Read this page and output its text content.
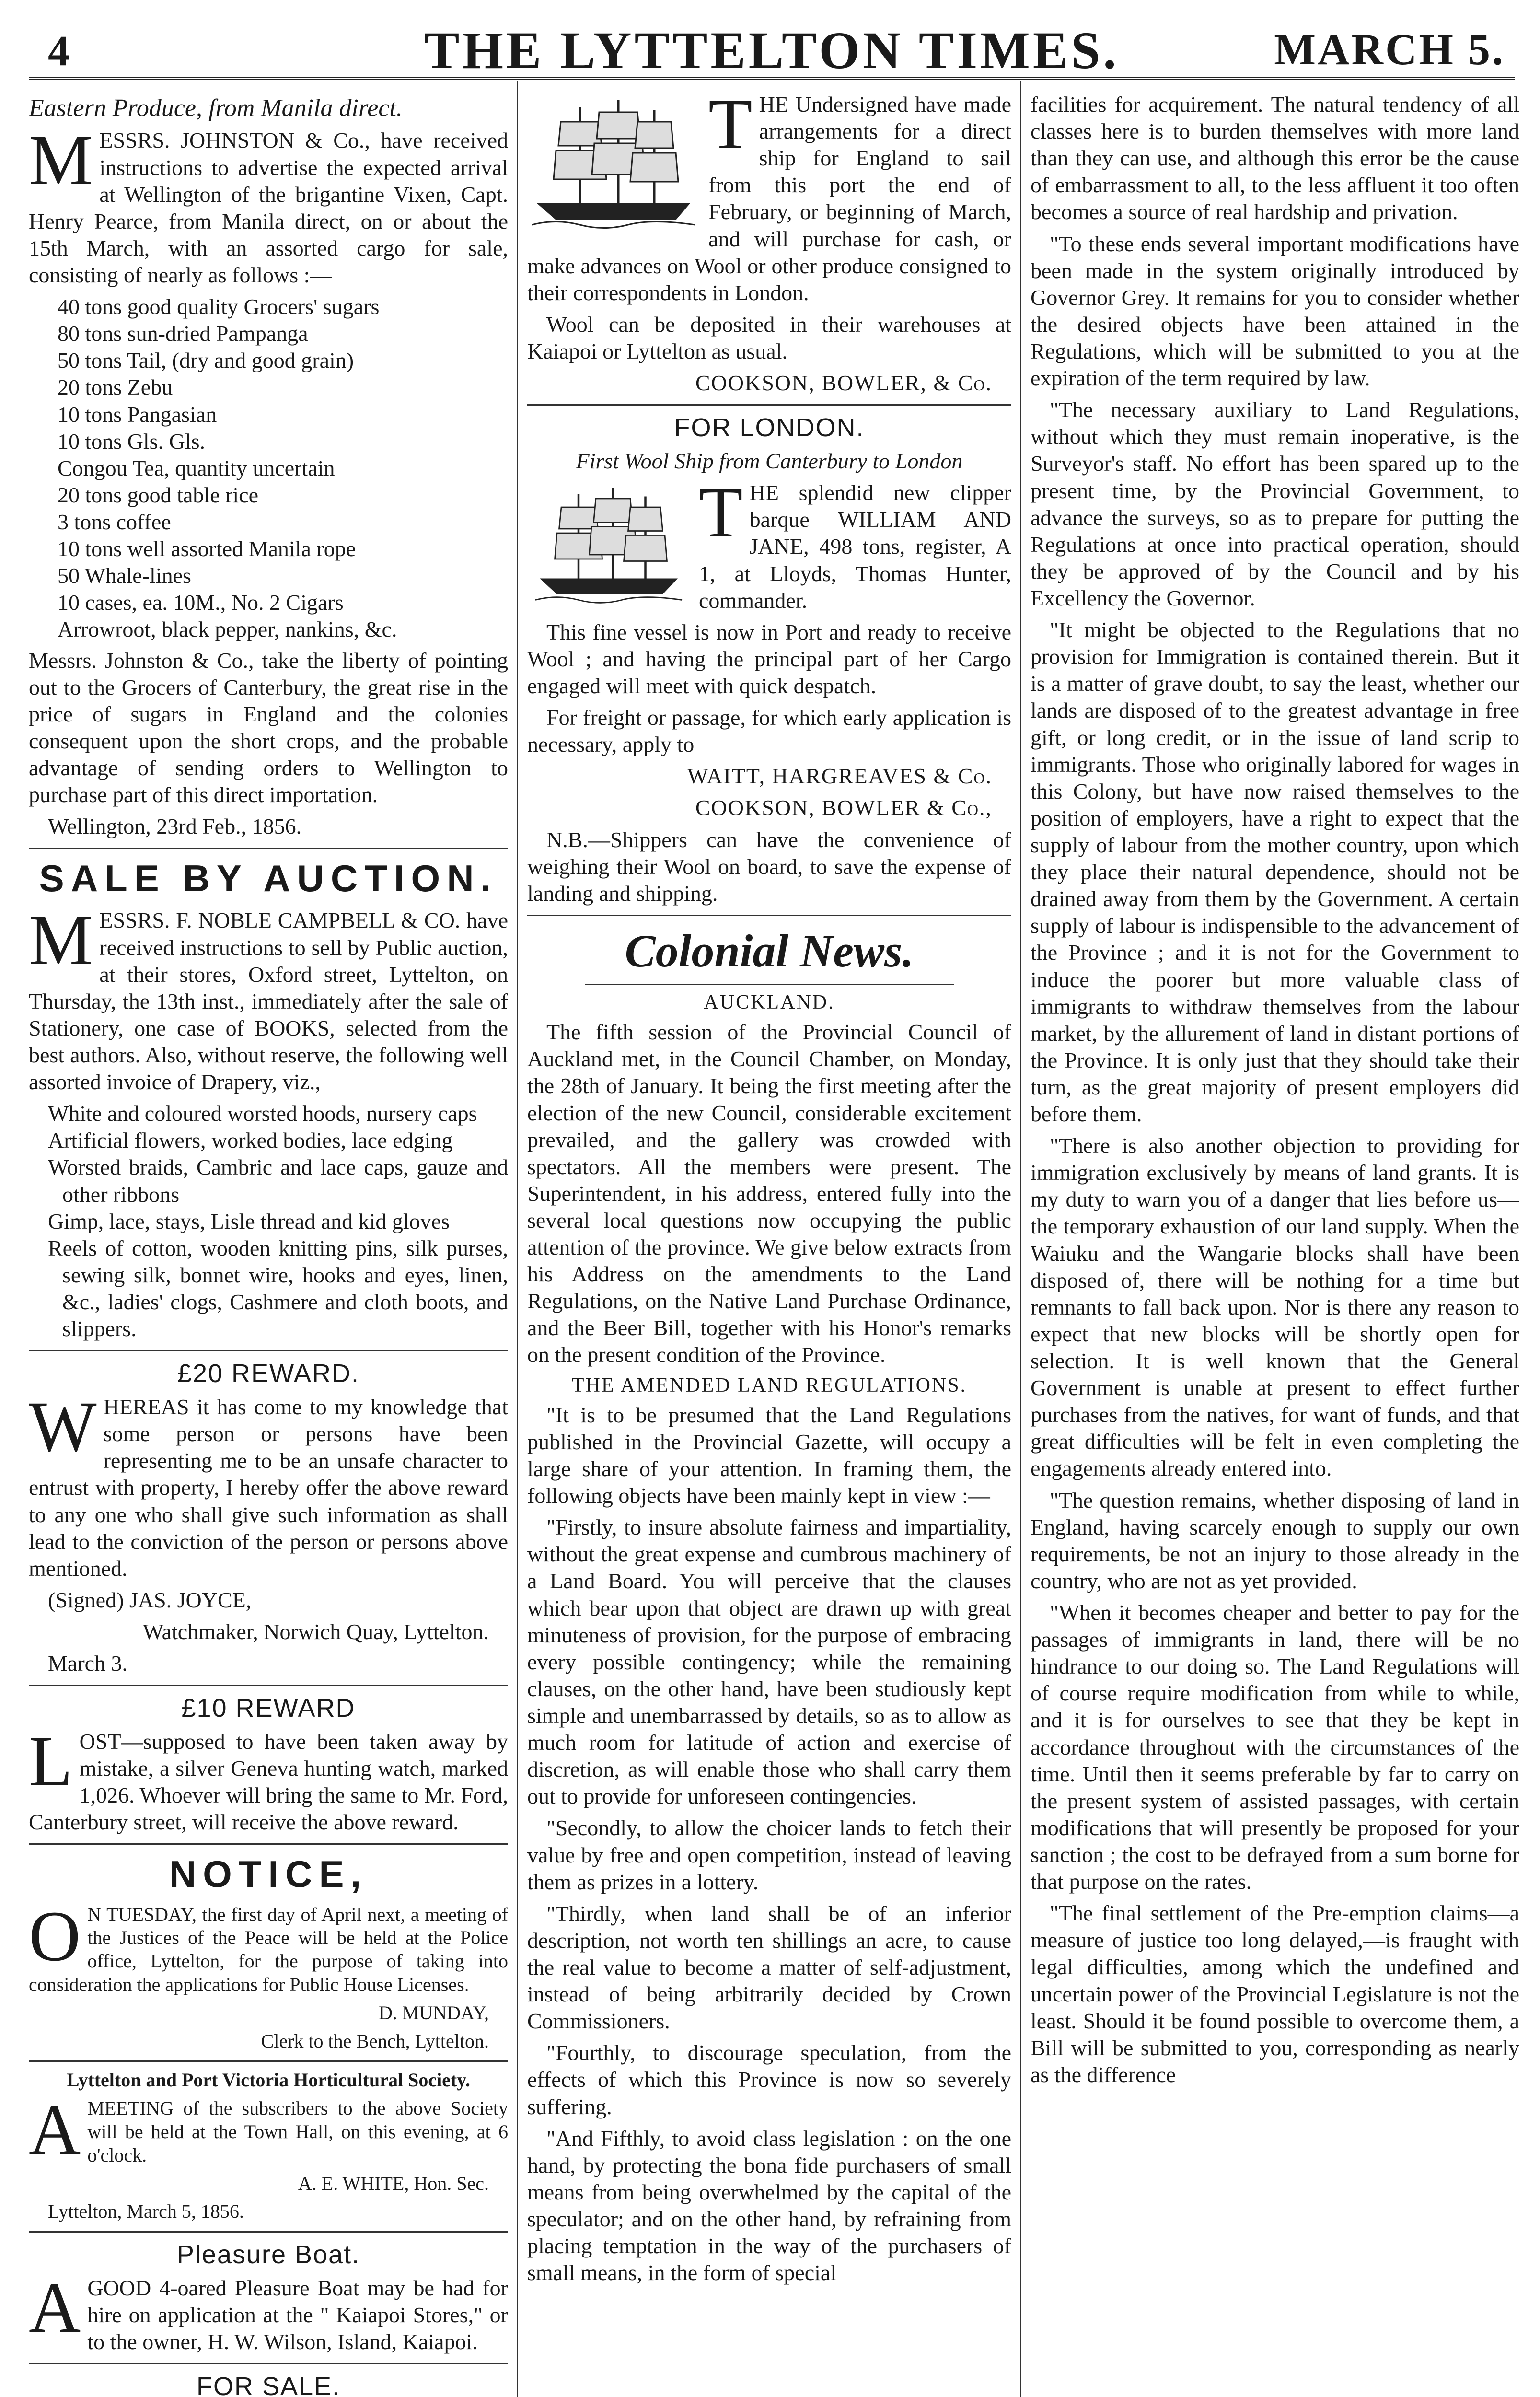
4	THE LYTTELTON TIMES.	MARCH 5.

Eastern Produce, from Manila direct.

MESSRS. JOHNSTON & Co., have received instructions to advertise the expected arrival at Wellington of the brigantine Vixen, Capt. Henry Pearce, from Manila direct, on or about the 15th March, with an assorted cargo for sale, consisting of nearly as follows :—

40 tons good quality Grocers' sugars
80 tons sun-dried Pampanga
50 tons Tail, (dry and good grain)
20 tons Zebu
10 tons Pangasian
10 tons Gls. Gls.
Congou Tea, quantity uncertain
20 tons good table rice
3 tons coffee
10 tons well assorted Manila rope
50 Whale-lines
10 cases, ea. 10M., No. 2 Cigars
Arrowroot, black pepper, nankins, &c.

Messrs. Johnston & Co., take the liberty of pointing out to the Grocers of Canterbury, the great rise in the price of sugars in England and the colonies consequent upon the short crops, and the probable advantage of sending orders to Wellington to purchase part of this direct importation.

Wellington, 23rd Feb., 1856.

SALE BY AUCTION.

MESSRS. F. NOBLE CAMPBELL & CO. have received instructions to sell by Public auction, at their stores, Oxford street, Lyttelton, on Thursday, the 13th inst., immediately after the sale of Stationery, one case of BOOKS, selected from the best authors. Also, without reserve, the following well assorted invoice of Drapery, viz.,

White and coloured worsted hoods, nursery caps
Artificial flowers, worked bodies, lace edging
Worsted braids, Cambric and lace caps, gauze and other ribbons
Gimp, lace, stays, Lisle thread and kid gloves
Reels of cotton, wooden knitting pins, silk purses, sewing silk, bonnet wire, hooks and eyes, linen, &c., ladies' clogs, Cashmere and cloth boots, and slippers.

£20 REWARD.

WHEREAS it has come to my knowledge that some person or persons have been representing me to be an unsafe character to entrust with property, I hereby offer the above reward to any one who shall give such information as shall lead to the conviction of the person or persons above mentioned.

(Signed) JAS. JOYCE,

Watchmaker, Norwich Quay, Lyttelton.

March 3.

£10 REWARD

LOST—supposed to have been taken away by mistake, a silver Geneva hunting watch, marked 1,026. Whoever will bring the same to Mr. Ford, Canterbury street, will receive the above reward.

NOTICE,

O N TUESDAY, the first day of April next, a meeting of the Justices of the Peace will be held at the Police office, Lyttelton, for the purpose of taking into consideration the applications for Public House Licenses.

D. MUNDAY,

Clerk to the Bench, Lyttelton.

Lyttelton and Port Victoria Horticultural Society.

AMEETING of the subscribers to the above Society will be held at the Town Hall, on this evening, at 6 o'clock.

A. E. WHITE, Hon. Sec.

Lyttelton, March 5, 1856.

Pleasure Boat.

AGOOD 4-oared Pleasure Boat may be had for hire on application at the " Kaiapoi Stores," or to the owner, H. W. Wilson, Island, Kaiapoi.

FOR SALE.

THE Undersigned have made arrangements for a direct ship for England to sail from this port the end of February, or beginning of March, and will purchase for cash, or make advances on Wool or other produce consigned to their correspondents in London.

Wool can be deposited in their warehouses at Kaiapoi or Lyttelton as usual.

COOKSON, BOWLER, & Co.

FOR LONDON.

First Wool Ship from Canterbury to London

THE splendid new clipper barque WILLIAM AND JANE, 498 tons, register, A 1, at Lloyds, Thomas Hunter, commander.

This fine vessel is now in Port and ready to receive Wool ; and having the principal part of her Cargo engaged will meet with quick despatch.

For freight or passage, for which early application is necessary, apply to

WAITT, HARGREAVES & Co.

COOKSON, BOWLER & Co.,

N.B.—Shippers can have the convenience of weighing their Wool on board, to save the expense of landing and shipping.

Colonial News.

AUCKLAND.

The fifth session of the Provincial Council of Auckland met, in the Council Chamber, on Monday, the 28th of January. It being the first meeting after the election of the new Council, considerable excitement prevailed, and the gallery was crowded with spectators. All the members were present. The Superintendent, in his address, entered fully into the several local questions now occupying the public attention of the province. We give below extracts from his Address on the amendments to the Land Regulations, on the Native Land Purchase Ordinance, and the Beer Bill, together with his Honor's remarks on the present condition of the Province.

THE AMENDED LAND REGULATIONS.

"It is to be presumed that the Land Regulations published in the Provincial Gazette, will occupy a large share of your attention. In framing them, the following objects have been mainly kept in view :—

"Firstly, to insure absolute fairness and impartiality, without the great expense and cumbrous machinery of a Land Board. You will perceive that the clauses which bear upon that object are drawn up with great minuteness of provision, for the purpose of embracing every possible contingency; while the remaining clauses, on the other hand, have been studiously kept simple and unembarrassed by details, so as to allow as much room for latitude of action and exercise of discretion, as will enable those who shall carry them out to provide for unforeseen contingencies.

"Secondly, to allow the choicer lands to fetch their value by free and open competition, instead of leaving them as prizes in a lottery.

"Thirdly, when land shall be of an inferior description, not worth ten shillings an acre, to cause the real value to become a matter of self-adjustment, instead of being arbitrarily decided by Crown Commissioners.

"Fourthly, to discourage speculation, from the effects of which this Province is now so severely suffering.

"And Fifthly, to avoid class legislation : on the one hand, by protecting the bona fide purchasers of small means from being overwhelmed by the capital of the speculator; and on the other hand, by refraining from placing temptation in the way of the purchasers of small means, in the form of special

facilities for acquirement. The natural tendency of all classes here is to burden themselves with more land than they can use, and although this error be the cause of embarrassment to all, to the less affluent it too often becomes a source of real hardship and privation.

"To these ends several important modifications have been made in the system originally introduced by Governor Grey. It remains for you to consider whether the desired objects have been attained in the Regulations, which will be submitted to you at the expiration of the term required by law.

"The necessary auxiliary to Land Regulations, without which they must remain inoperative, is the Surveyor's staff. No effort has been spared up to the present time, by the Provincial Government, to advance the surveys, so as to prepare for putting the Regulations at once into practical operation, should they be approved of by the Council and by his Excellency the Governor.

"It might be objected to the Regulations that no provision for Immigration is contained therein. But it is a matter of grave doubt, to say the least, whether our lands are disposed of to the greatest advantage in free gift, or long credit, or in the issue of land scrip to immigrants. Those who originally labored for wages in this Colony, but have now raised themselves to the position of employers, have a right to expect that the supply of labour from the mother country, upon which they place their natural dependence, should not be drained away from them by the Government. A certain supply of labour is indispensible to the advancement of the Province ; and it is not for the Government to induce the poorer but more valuable class of immigrants to withdraw themselves from the labour market, by the allurement of land in distant portions of the Province. It is only just that they should take their turn, as the great majority of present employers did before them.

"There is also another objection to providing for immigration exclusively by means of land grants. It is my duty to warn you of a danger that lies before us—the temporary exhaustion of our land supply. When the Waiuku and the Wangarie blocks shall have been disposed of, there will be nothing for a time but remnants to fall back upon. Nor is there any reason to expect that new blocks will be shortly open for selection. It is well known that the General Government is unable at present to effect further purchases from the natives, for want of funds, and that great difficulties will be felt in even completing the engagements already entered into.

"The question remains, whether disposing of land in England, having scarcely enough to supply our own requirements, be not an injury to those already in the country, who are not as yet provided.

"When it becomes cheaper and better to pay for the passages of immigrants in land, there will be no hindrance to our doing so. The Land Regulations will of course require modification from while to while, and it is for ourselves to see that they be kept in accordance throughout with the circumstances of the time. Until then it seems preferable by far to carry on the present system of assisted passages, with certain modifications that will presently be proposed for your sanction ; the cost to be defrayed from a sum borne for that purpose on the rates.

"The final settlement of the Pre-emption claims—a measure of justice too long delayed,—is fraught with legal difficulties, among which the undefined and uncertain power of the Provincial Legislature is not the least. Should it be found possible to overcome them, a Bill will be submitted to you, corresponding as nearly as the difference
